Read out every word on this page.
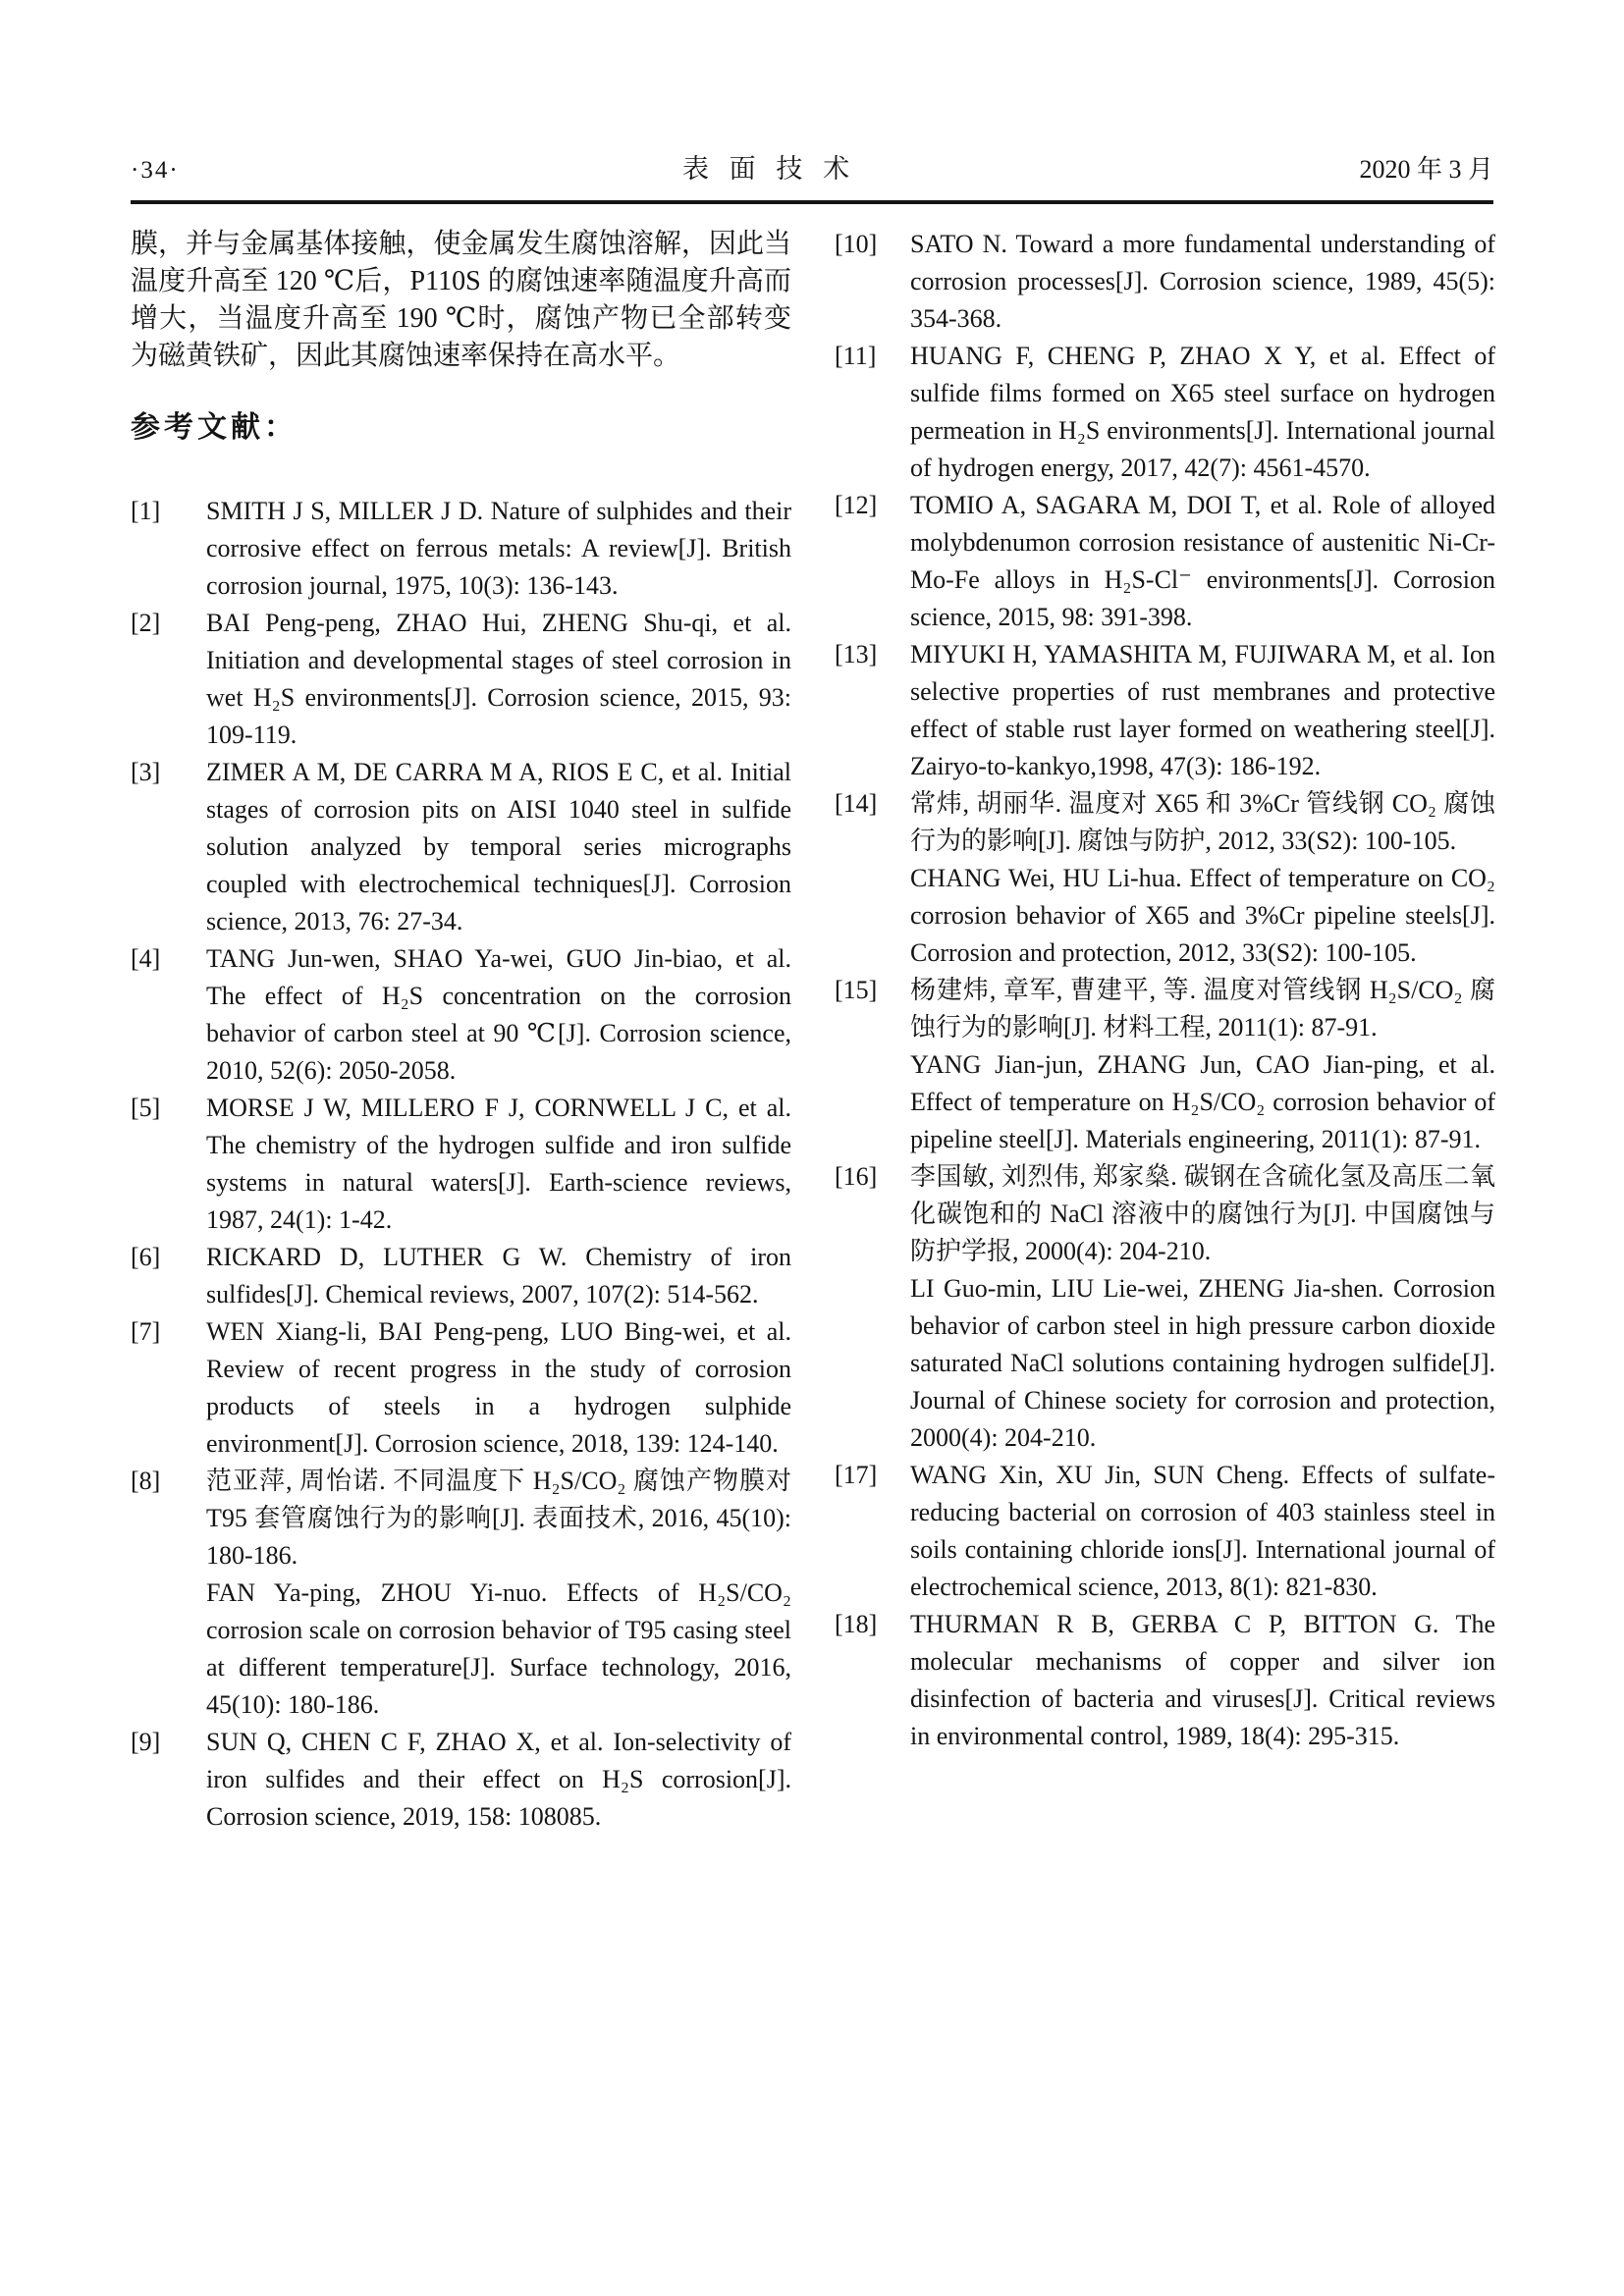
·34·	表 面 技 术	2020 年 3 月

膜，并与金属基体接触，使金属发生腐蚀溶解，因此当温度升高至 120 ℃后，P110S 的腐蚀速率随温度升高而增大，当温度升高至 190 ℃时，腐蚀产物已全部转变为磁黄铁矿，因此其腐蚀速率保持在高水平。

参考文献：
[1]	SMITH J S, MILLER J D. Nature of sulphides and their corrosive effect on ferrous metals: A review[J]. British corrosion journal, 1975, 10(3): 136-143.

[2]	BAI Peng-peng, ZHAO Hui, ZHENG Shu-qi, et al. Initiation and developmental stages of steel corrosion in wet H₂S environments[J]. Corrosion science, 2015, 93: 109-119.

[3]	ZIMER A M, DE CARRA M A, RIOS E C, et al. Initial stages of corrosion pits on AISI 1040 steel in sulfide solution analyzed by temporal series micrographs coupled with electrochemical techniques[J]. Corrosion science, 2013, 76: 27-34.

[4]	TANG Jun-wen, SHAO Ya-wei, GUO Jin-biao, et al. The effect of H₂S concentration on the corrosion behavior of carbon steel at 90 ℃[J]. Corrosion science, 2010, 52(6): 2050-2058.

[5]	MORSE J W, MILLERO F J, CORNWELL J C, et al. The chemistry of the hydrogen sulfide and iron sulfide systems in natural waters[J]. Earth-science reviews, 1987, 24(1): 1-42.

[6]	RICKARD D, LUTHER G W. Chemistry of iron sulfides[J]. Chemical reviews, 2007, 107(2): 514-562.

[7]	WEN Xiang-li, BAI Peng-peng, LUO Bing-wei, et al. Review of recent progress in the study of corrosion products of steels in a hydrogen sulphide environment[J]. Corrosion science, 2018, 139: 124-140.

[8]	范亚萍, 周怡诺. 不同温度下 H₂S/CO₂ 腐蚀产物膜对 T95 套管腐蚀行为的影响[J]. 表面技术, 2016, 45(10): 180-186.

FAN Ya-ping, ZHOU Yi-nuo. Effects of H₂S/CO₂ corrosion scale on corrosion behavior of T95 casing steel at different temperature[J]. Surface technology, 2016, 45(10): 180-186.

[9]	SUN Q, CHEN C F, ZHAO X, et al. Ion-selectivity of iron sulfides and their effect on H₂S corrosion[J]. Corrosion science, 2019, 158: 108085.

[10]	SATO N. Toward a more fundamental understanding of corrosion processes[J]. Corrosion science, 1989, 45(5): 354-368.

[11]	HUANG F, CHENG P, ZHAO X Y, et al. Effect of sulfide films formed on X65 steel surface on hydrogen permeation in H₂S environments[J]. International journal of hydrogen energy, 2017, 42(7): 4561-4570.

[12]	TOMIO A, SAGARA M, DOI T, et al. Role of alloyed molybdenumon corrosion resistance of austenitic Ni-Cr-Mo-Fe alloys in H₂S-Cl⁻ environments[J]. Corrosion science, 2015, 98: 391-398.

[13]	MIYUKI H, YAMASHITA M, FUJIWARA M, et al. Ion selective properties of rust membranes and protective effect of stable rust layer formed on weathering steel[J]. Zairyo-to-kankyo,1998, 47(3): 186-192.

[14]	常炜, 胡丽华. 温度对 X65 和 3%Cr 管线钢 CO₂ 腐蚀行为的影响[J]. 腐蚀与防护, 2012, 33(S2): 100-105.

CHANG Wei, HU Li-hua. Effect of temperature on CO₂ corrosion behavior of X65 and 3%Cr pipeline steels[J]. Corrosion and protection, 2012, 33(S2): 100-105.

[15]	杨建炜, 章军, 曹建平, 等. 温度对管线钢 H₂S/CO₂ 腐蚀行为的影响[J]. 材料工程, 2011(1): 87-91.

YANG Jian-jun, ZHANG Jun, CAO Jian-ping, et al. Effect of temperature on H₂S/CO₂ corrosion behavior of pipeline steel[J]. Materials engineering, 2011(1): 87-91.

[16]	李国敏, 刘烈伟, 郑家燊. 碳钢在含硫化氢及高压二氧化碳饱和的 NaCl 溶液中的腐蚀行为[J]. 中国腐蚀与防护学报, 2000(4): 204-210.

LI Guo-min, LIU Lie-wei, ZHENG Jia-shen. Corrosion behavior of carbon steel in high pressure carbon dioxide saturated NaCl solutions containing hydrogen sulfide[J]. Journal of Chinese society for corrosion and protection, 2000(4): 204-210.

[17]	WANG Xin, XU Jin, SUN Cheng. Effects of sulfate-reducing bacterial on corrosion of 403 stainless steel in soils containing chloride ions[J]. International journal of electrochemical science, 2013, 8(1): 821-830.

[18]	THURMAN R B, GERBA C P, BITTON G. The molecular mechanisms of copper and silver ion disinfection of bacteria and viruses[J]. Critical reviews in environmental control, 1989, 18(4): 295-315.
